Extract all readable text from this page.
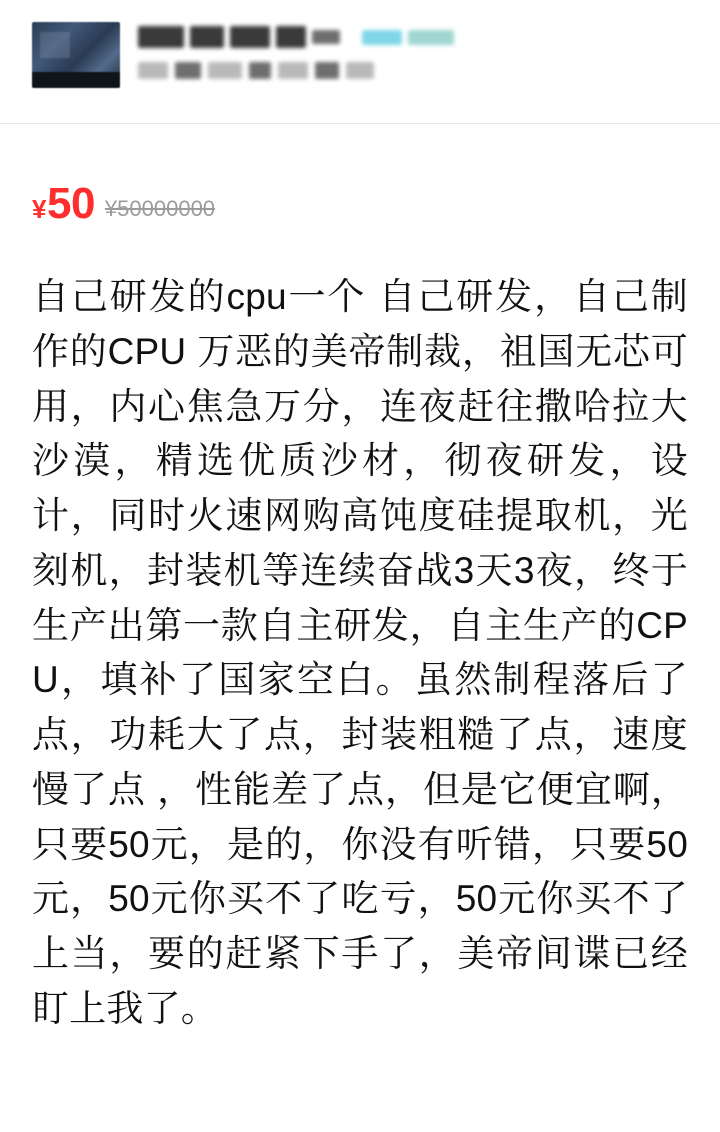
¥50 ¥50000000
自己研发的cpu一个 自己研发，自己制作的CPU 万恶的美帝制裁，祖国无芯可用，内心焦急万分，连夜赶往撒哈拉大沙漠，精选优质沙材，彻夜研发，设计，同时火速网购高饨度硅提取机，光刻机，封装机等连续奋战3天3夜，终于生产出第一款自主研发，自主生产的CPU，填补了国家空白。虽然制程落后了点，功耗大了点，封装粗糙了点，速度慢了点 ，性能差了点，但是它便宜啊，只要50元，是的，你没有听错，只要50元，50元你买不了吃亏，50元你买不了上当，要的赶紧下手了，美帝间谍已经盯上我了。
